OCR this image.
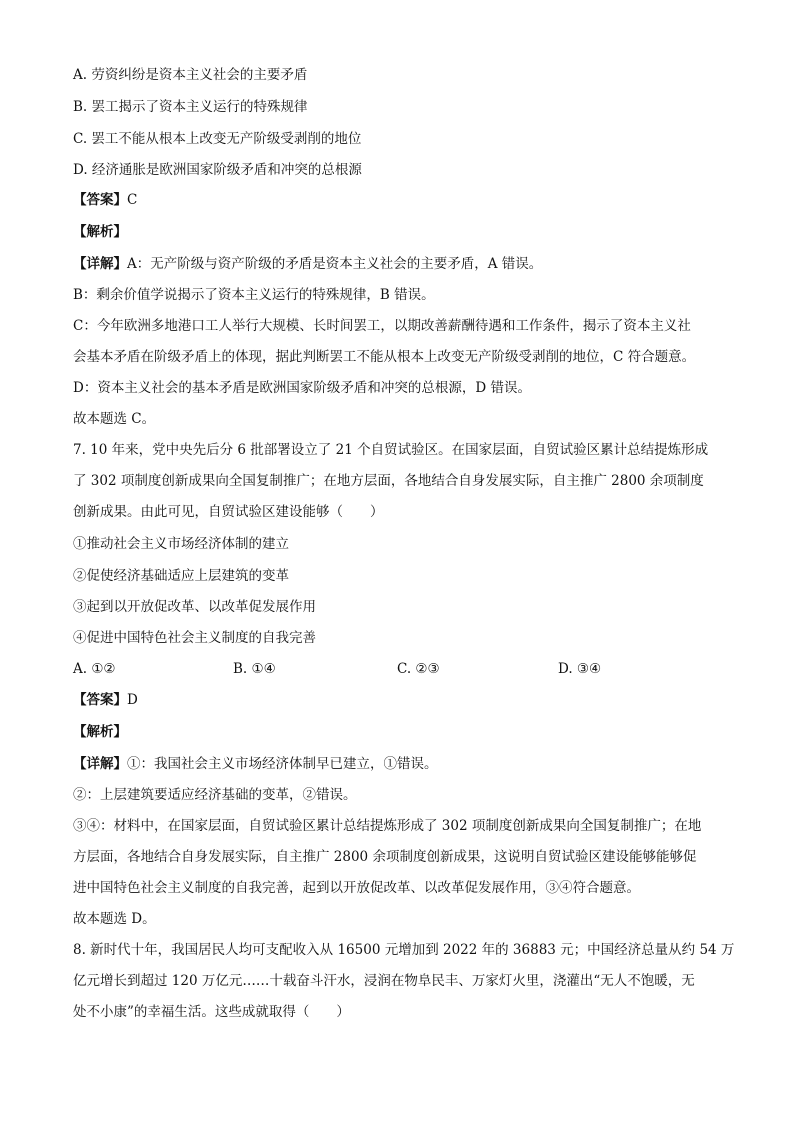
A. 劳资纠纷是资本主义社会的主要矛盾
B. 罢工揭示了资本主义运行的特殊规律
C. 罢工不能从根本上改变无产阶级受剥削的地位
D. 经济通胀是欧洲国家阶级矛盾和冲突的总根源
【答案】C
【解析】
【详解】A：无产阶级与资产阶级的矛盾是资本主义社会的主要矛盾，A 错误。
B：剩余价值学说揭示了资本主义运行的特殊规律，B 错误。
C：今年欧洲多地港口工人举行大规模、长时间罢工，以期改善薪酬待遇和工作条件，揭示了资本主义社
会基本矛盾在阶级矛盾上的体现，据此判断罢工不能从根本上改变无产阶级受剥削的地位，C 符合题意。
D：资本主义社会的基本矛盾是欧洲国家阶级矛盾和冲突的总根源，D 错误。
故本题选 C。
7. 10 年来，党中央先后分 6 批部署设立了 21 个自贸试验区。在国家层面，自贸试验区累计总结提炼形成
了 302 项制度创新成果向全国复制推广；在地方层面，各地结合自身发展实际，自主推广 2800 余项制度
创新成果。由此可见，自贸试验区建设能够（　　）
①推动社会主义市场经济体制的建立
②促使经济基础适应上层建筑的变革
③起到以开放促改革、以改革促发展作用
④促进中国特色社会主义制度的自我完善
A. ①②	B. ①④	C. ②③	D. ③④
【答案】D
【解析】
【详解】①：我国社会主义市场经济体制早已建立，①错误。
②：上层建筑要适应经济基础的变革，②错误。
③④：材料中，在国家层面，自贸试验区累计总结提炼形成了 302 项制度创新成果向全国复制推广；在地
方层面，各地结合自身发展实际，自主推广 2800 余项制度创新成果，这说明自贸试验区建设能够能够促
进中国特色社会主义制度的自我完善，起到以开放促改革、以改革促发展作用，③④符合题意。
故本题选 D。
8. 新时代十年，我国居民人均可支配收入从 16500 元增加到 2022 年的 36883 元；中国经济总量从约 54 万
亿元增长到超过 120 万亿元……十载奋斗汗水，浸润在物阜民丰、万家灯火里，浇灌出“无人不饱暖，无
处不小康”的幸福生活。这些成就取得（　　）
